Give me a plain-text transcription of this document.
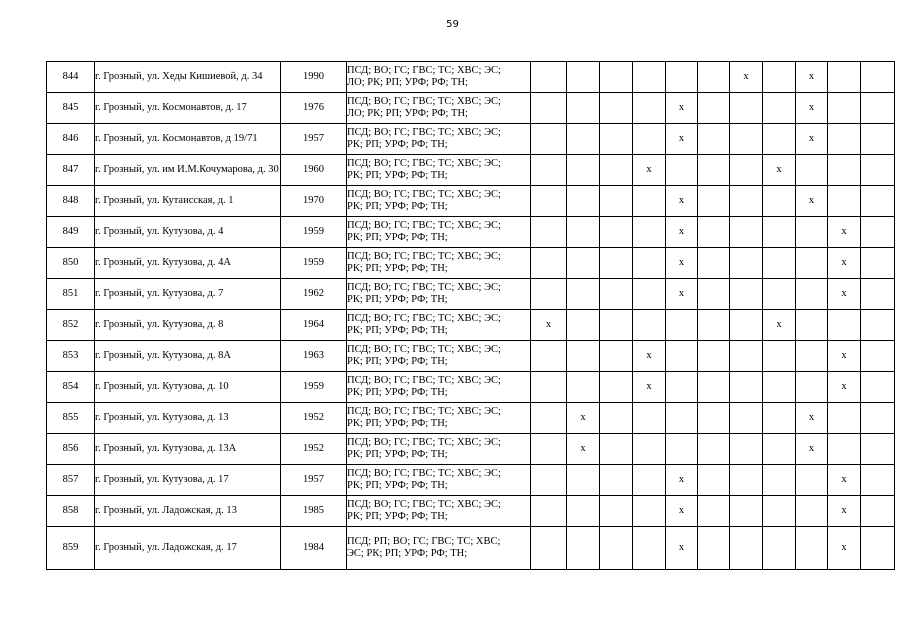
59
844	г. Грозный, ул. Хеды Кишиевой, д. 34	1990	ПСД; ВО; ГС; ГВС; ТС; ХВС; ЭС;
ЛО; РК; РП; УРФ; РФ; ТН;							х		х		
845	г. Грозный, ул. Космонавтов, д. 17	1976	ПСД; ВО; ГС; ГВС; ТС; ХВС; ЭС;
ЛО; РК; РП; УРФ; РФ; ТН;					х				х		
846	г. Грозный, ул. Космонавтов, д 19/71	1957	ПСД; ВО; ГС; ГВС; ТС; ХВС; ЭС;
РК; РП; УРФ; РФ; ТН;					х				х		
847	г. Грозный, ул. им И.М.Кочумарова, д. 30	1960	ПСД; ВО; ГС; ГВС; ТС; ХВС; ЭС;
РК; РП; УРФ; РФ; ТН;				х				х			
848	г. Грозный, ул. Кутаисская, д. 1	1970	ПСД; ВО; ГС; ГВС; ТС; ХВС; ЭС;
РК; РП; УРФ; РФ; ТН;					х				х		
849	г. Грозный, ул. Кутузова, д. 4	1959	ПСД; ВО; ГС; ГВС; ТС; ХВС; ЭС;
РК; РП; УРФ; РФ; ТН;					х					х	
850	г. Грозный, ул. Кутузова, д. 4А	1959	ПСД; ВО; ГС; ГВС; ТС; ХВС; ЭС;
РК; РП; УРФ; РФ; ТН;					х					х	
851	г. Грозный, ул. Кутузова, д. 7	1962	ПСД; ВО; ГС; ГВС; ТС; ХВС; ЭС;
РК; РП; УРФ; РФ; ТН;					х					х	
852	г. Грозный, ул. Кутузова, д. 8	1964	ПСД; ВО; ГС; ГВС; ТС; ХВС; ЭС;
РК; РП; УРФ; РФ; ТН;	х							х			
853	г. Грозный, ул. Кутузова, д. 8А	1963	ПСД; ВО; ГС; ГВС; ТС; ХВС; ЭС;
РК; РП; УРФ; РФ; ТН;				х						х	
854	г. Грозный, ул. Кутузова, д. 10	1959	ПСД; ВО; ГС; ГВС; ТС; ХВС; ЭС;
РК; РП; УРФ; РФ; ТН;				х						х	
855	г. Грозный, ул. Кутузова, д. 13	1952	ПСД; ВО; ГС; ГВС; ТС; ХВС; ЭС;
РК; РП; УРФ; РФ; ТН;		х							х		
856	г. Грозный, ул. Кутузова, д. 13А	1952	ПСД; ВО; ГС; ГВС; ТС; ХВС; ЭС;
РК; РП; УРФ; РФ; ТН;		х							х		
857	г. Грозный, ул. Кутузова, д. 17	1957	ПСД; ВО; ГС; ГВС; ТС; ХВС; ЭС;
РК; РП; УРФ; РФ; ТН;					х					х	
858	г. Грозный, ул. Ладожская, д. 13	1985	ПСД; ВО; ГС; ГВС; ТС; ХВС; ЭС;
РК; РП; УРФ; РФ; ТН;					х					х	
859	г. Грозный, ул. Ладожская, д. 17	1984	ПСД; РП; ВО; ГС; ГВС; ТС; ХВС;
ЭС; РК; РП; УРФ; РФ; ТН;					х					х	
